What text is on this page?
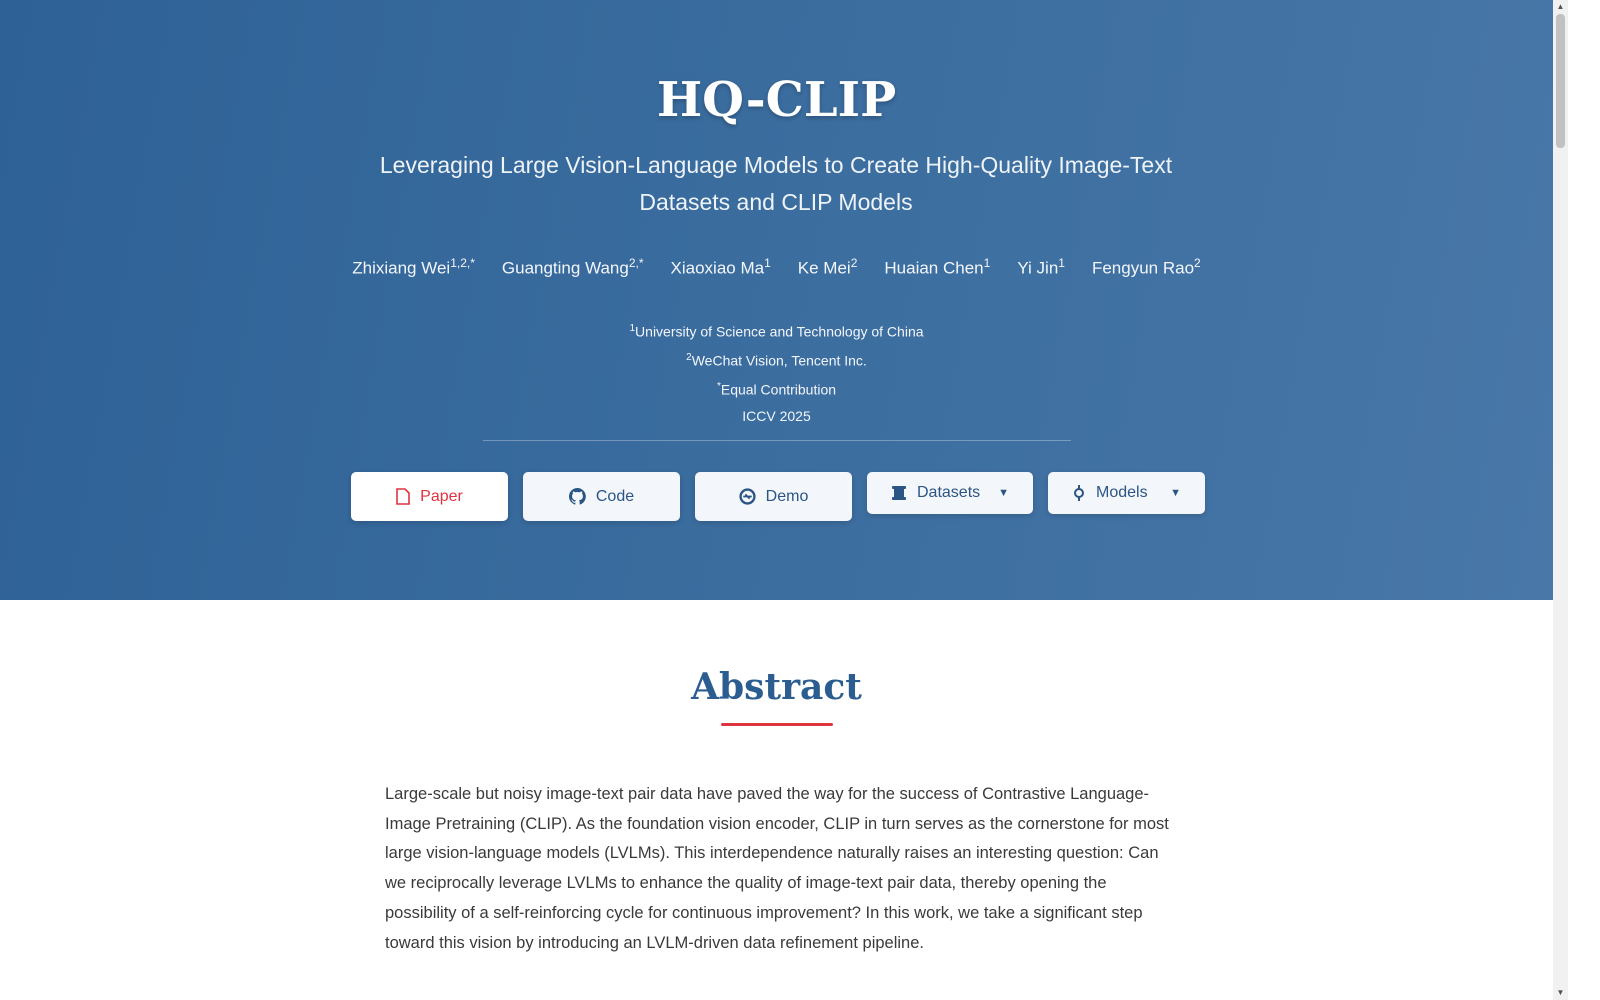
HQ-CLIP
Leveraging Large Vision-Language Models to Create High-Quality Image-Text Datasets and CLIP Models
Zhixiang Wei$^{1,2,*}$ Guangting Wang$^{2,*}$ Xiaoxiao Ma$^1$ Ke Mei$^2$ Huaian Chen$^1$ Yi Jin$^1$ Fengyun Rao$^2$
$^1$University of Science and Technology of China
$^2$WeChat Vision, Tencent Inc.
*Equal Contribution
ICCV 2025
Paper	Code	Demo	Datasets ▼	Models ▼
Abstract

Large-scale but noisy image-text pair data have paved the way for the success of Contrastive Language-Image Pretraining (CLIP). As the foundation vision encoder, CLIP in turn serves as the cornerstone for most large vision-language models (LVLMs). This interdependence naturally raises an interesting question: Can we reciprocally leverage LVLMs to enhance the quality of image-text pair data, thereby opening the possibility of a self-reinforcing cycle for continuous improvement? In this work, we take a significant step toward this vision by introducing an LVLM-driven data refinement pipeline.

▲
▼
